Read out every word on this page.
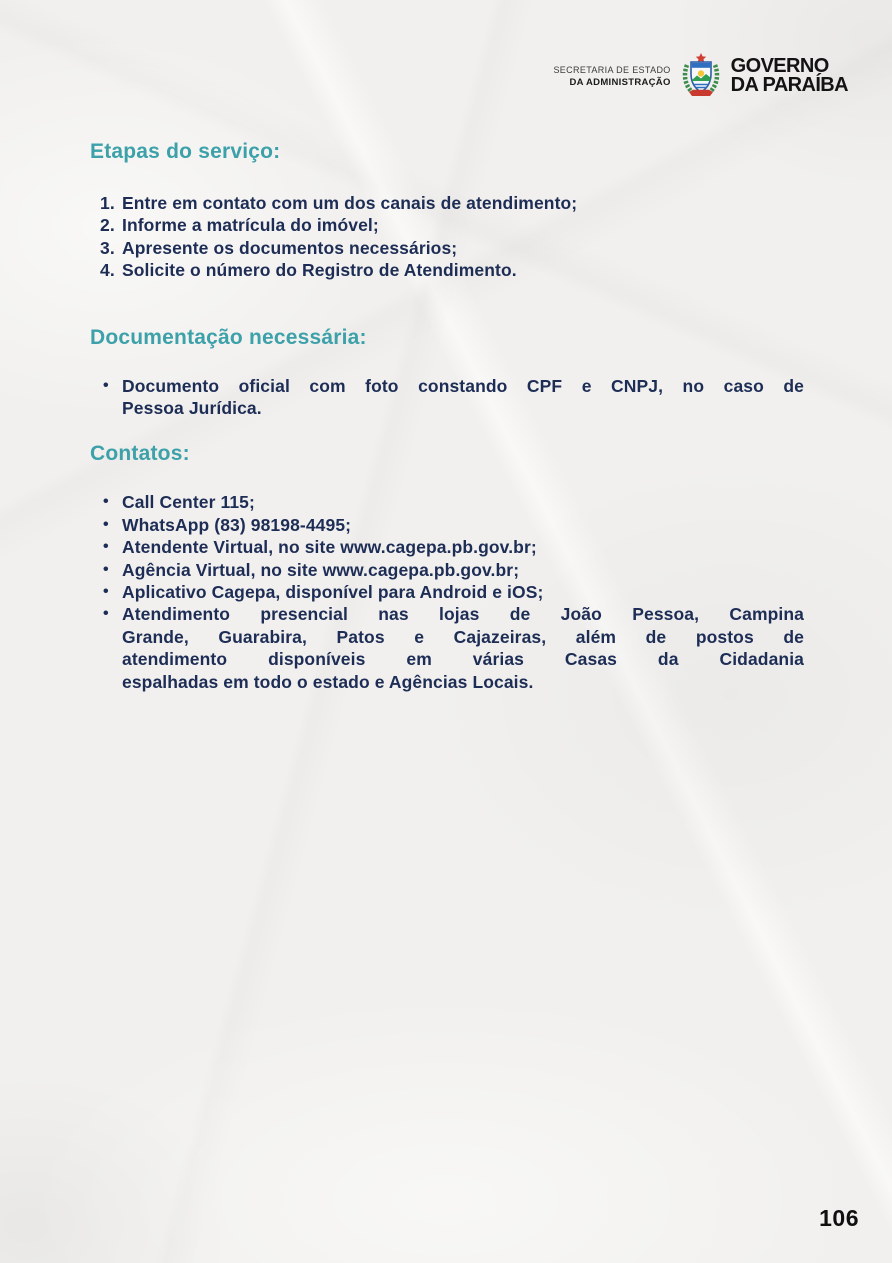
SECRETARIA DE ESTADO
DA ADMINISTRAÇÃO
GOVERNO
DA PARAÍBA
Etapas do serviço:
1. Entre em contato com um dos canais de atendimento;
2. Informe a matrícula do imóvel;
3. Apresente os documentos necessários;
4. Solicite o número do Registro de Atendimento.
Documentação necessária:
• Documento oficial com foto constando CPF e CNPJ, no caso de
Pessoa Jurídica.
Contatos:
• Call Center 115;
• WhatsApp (83) 98198-4495;
• Atendente Virtual, no site www.cagepa.pb.gov.br;
• Agência Virtual, no site www.cagepa.pb.gov.br;
• Aplicativo Cagepa, disponível para Android e iOS;
• Atendimento presencial nas lojas de João Pessoa, Campina
Grande, Guarabira, Patos e Cajazeiras, além de postos de
atendimento disponíveis em várias Casas da Cidadania
espalhadas em todo o estado e Agências Locais.
106
